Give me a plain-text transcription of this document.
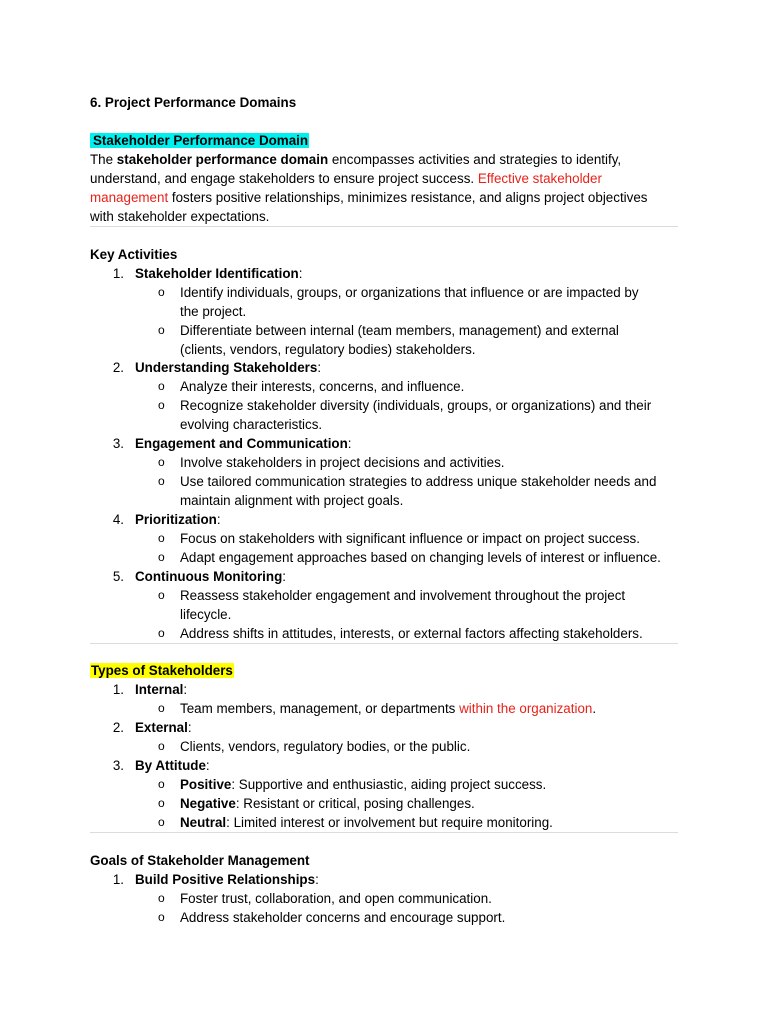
6. Project Performance Domains
Stakeholder Performance Domain
The stakeholder performance domain encompasses activities and strategies to identify,
understand, and engage stakeholders to ensure project success. Effective stakeholder
management fosters positive relationships, minimizes resistance, and aligns project objectives
with stakeholder expectations.
Key Activities
1. Stakeholder Identification:
o Identify individuals, groups, or organizations that influence or are impacted by
the project.
o Differentiate between internal (team members, management) and external
(clients, vendors, regulatory bodies) stakeholders.
2. Understanding Stakeholders:
o Analyze their interests, concerns, and influence.
o Recognize stakeholder diversity (individuals, groups, or organizations) and their
evolving characteristics.
3. Engagement and Communication:
o Involve stakeholders in project decisions and activities.
o Use tailored communication strategies to address unique stakeholder needs and
maintain alignment with project goals.
4. Prioritization:
o Focus on stakeholders with significant influence or impact on project success.
o Adapt engagement approaches based on changing levels of interest or influence.
5. Continuous Monitoring:
o Reassess stakeholder engagement and involvement throughout the project
lifecycle.
o Address shifts in attitudes, interests, or external factors affecting stakeholders.
Types of Stakeholders
1. Internal:
o Team members, management, or departments within the organization.
2. External:
o Clients, vendors, regulatory bodies, or the public.
3. By Attitude:
o Positive: Supportive and enthusiastic, aiding project success.
o Negative: Resistant or critical, posing challenges.
o Neutral: Limited interest or involvement but require monitoring.
Goals of Stakeholder Management
1. Build Positive Relationships:
o Foster trust, collaboration, and open communication.
o Address stakeholder concerns and encourage support.
